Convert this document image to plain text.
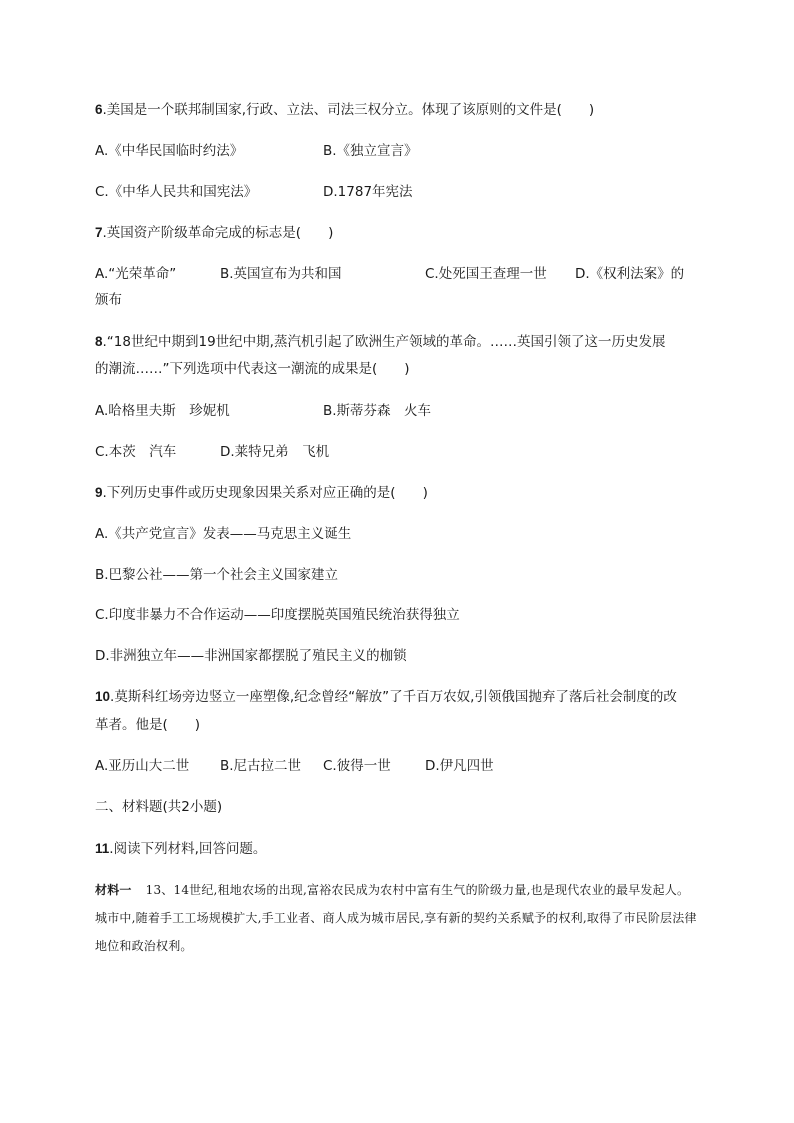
6.美国是一个联邦制国家,行政、立法、司法三权分立。体现了该原则的文件是(　　)
A.《中华民国临时约法》	B.《独立宣言》
C.《中华人民共和国宪法》	D.1787年宪法
7.英国资产阶级革命完成的标志是(　　)
A.“光荣革命”	B.英国宣布为共和国	C.处死国王查理一世 D.《权利法案》的
颁布
8.“18世纪中期到19世纪中期,蒸汽机引起了欧洲生产领域的革命。……英国引领了这一历史发展
的潮流……”下列选项中代表这一潮流的成果是(　　)
A.哈格里夫斯　珍妮机	B.斯蒂芬森　火车
C.本茨　汽车	D.莱特兄弟　飞机
9.下列历史事件或历史现象因果关系对应正确的是(　　)
A.《共产党宣言》发表——马克思主义诞生
B.巴黎公社——第一个社会主义国家建立
C.印度非暴力不合作运动——印度摆脱英国殖民统治获得独立
D.非洲独立年——非洲国家都摆脱了殖民主义的枷锁
10.莫斯科红场旁边竖立一座塑像,纪念曾经“解放”了千百万农奴,引领俄国抛弃了落后社会制度的改
革者。他是(　　)
A.亚历山大二世 B.尼古拉二世 C.彼得一世	D.伊凡四世
二、材料题(共2小题)
11.阅读下列材料,回答问题。
材料一 13、14世纪,租地农场的出现,富裕农民成为农村中富有生气的阶级力量,也是现代农业的最早发起人。城市中,随着手工工场规模扩大,手工业者、商人成为城市居民,享有新的契约关系赋予的权利,取得了市民阶层法律地位和政治权利。
